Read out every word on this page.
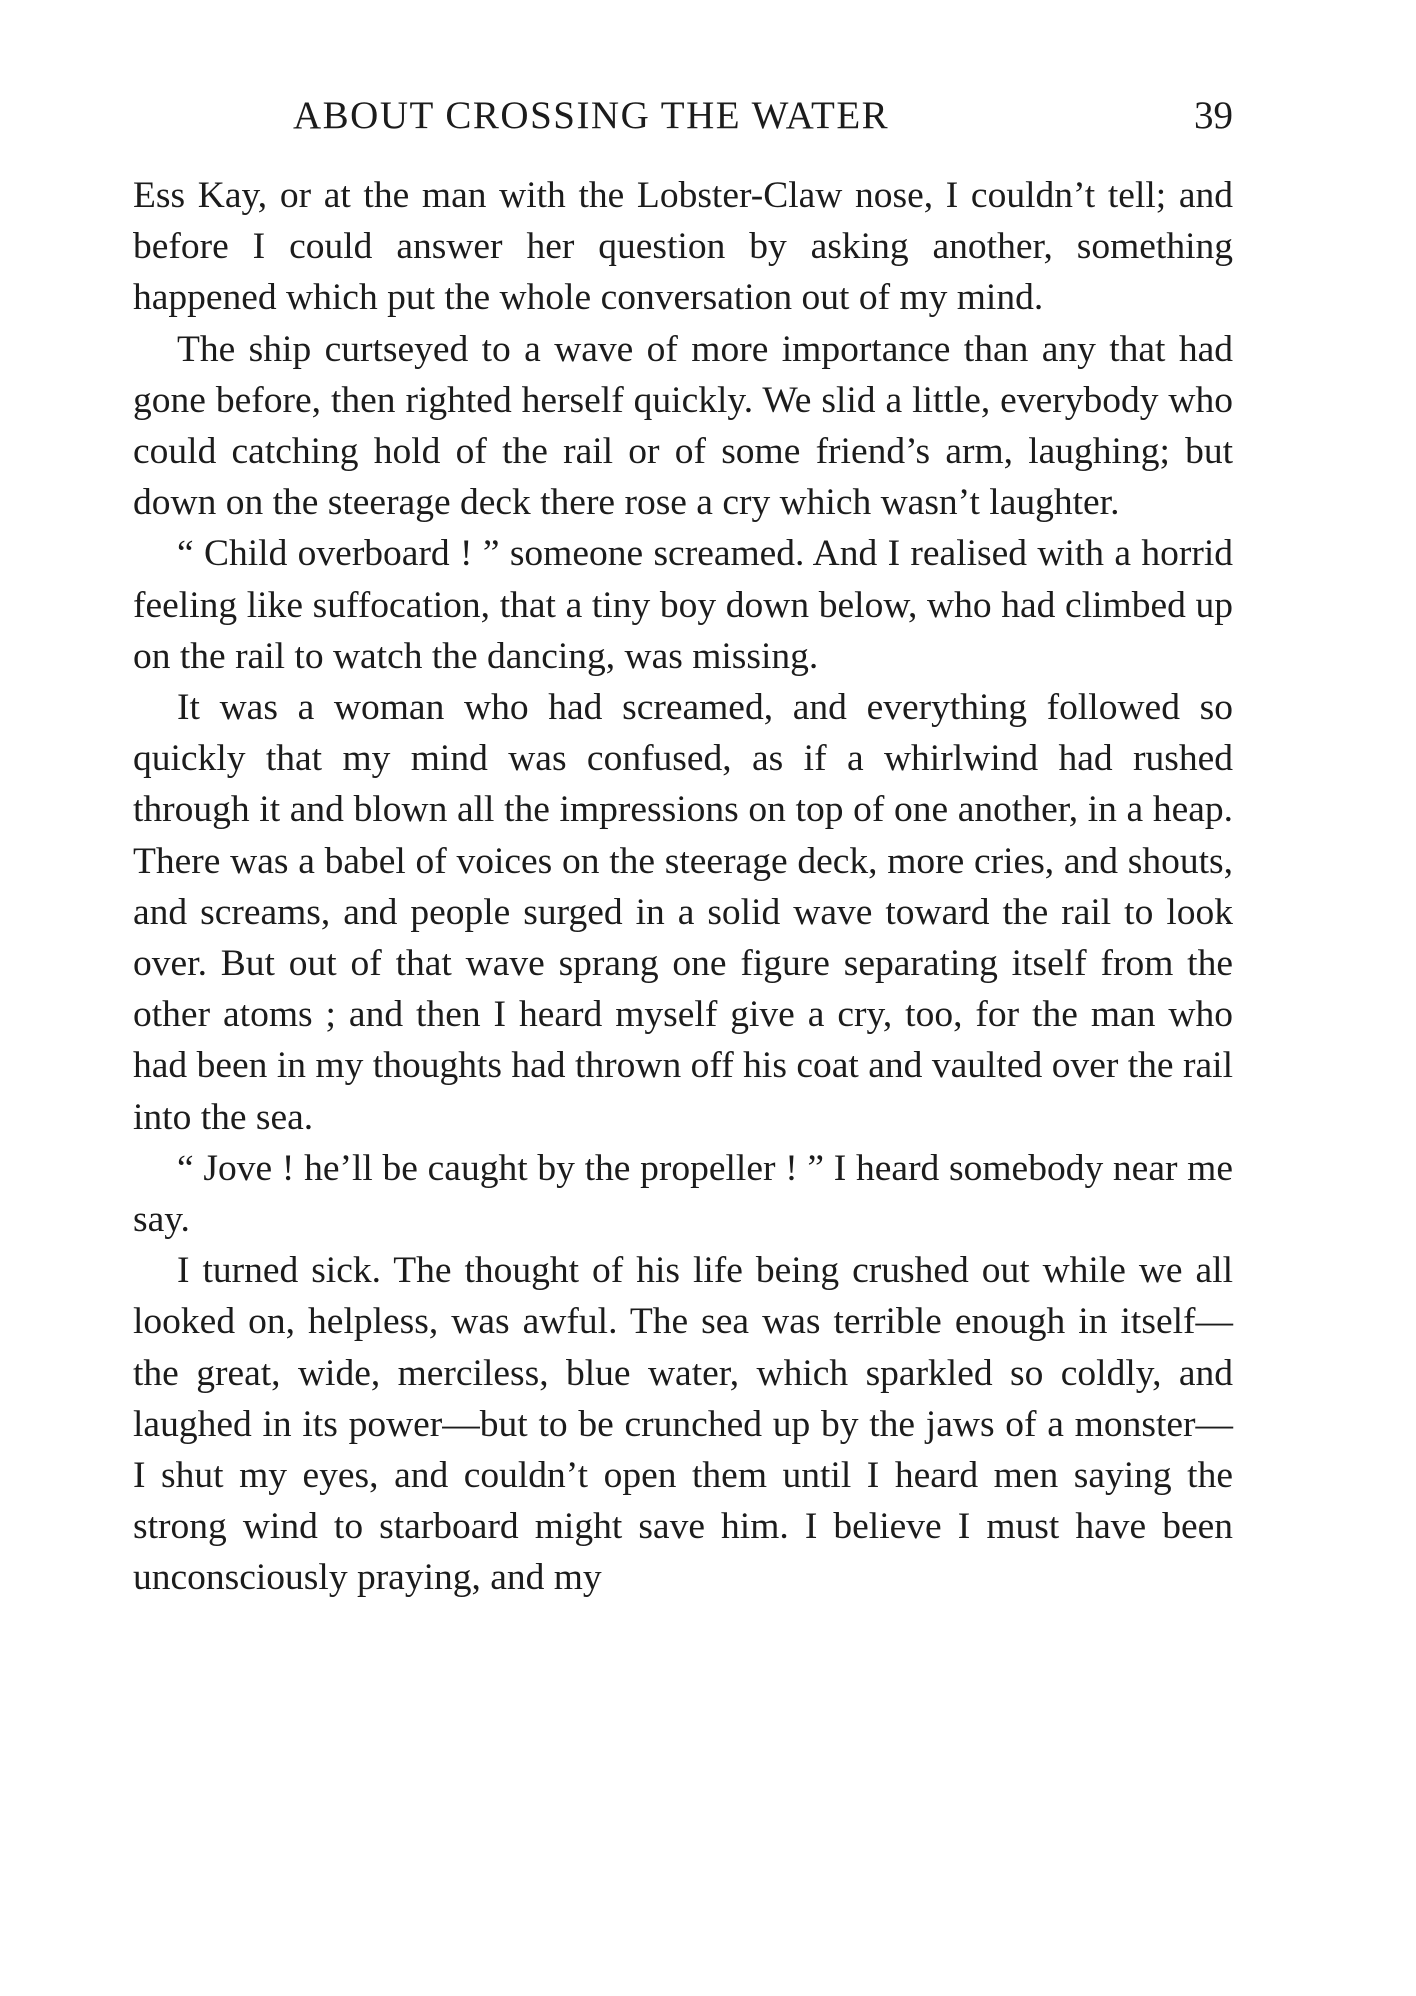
ABOUT CROSSING THE WATER	39

Ess Kay, or at the man with the Lobster-Claw nose, I couldn’t tell; and before I could answer her question by asking another, something happened which put the whole conversation out of my mind.

The ship curtseyed to a wave of more importance than any that had gone before, then righted herself quickly. We slid a little, everybody who could catching hold of the rail or of some friend’s arm, laughing; but down on the steerage deck there rose a cry which wasn’t laughter.

“ Child overboard ! ” someone screamed. And I realised with a horrid feeling like suffocation, that a tiny boy down below, who had climbed up on the rail to watch the dancing, was missing.

It was a woman who had screamed, and everything followed so quickly that my mind was confused, as if a whirlwind had rushed through it and blown all the impressions on top of one another, in a heap. There was a babel of voices on the steerage deck, more cries, and shouts, and screams, and people surged in a solid wave toward the rail to look over. But out of that wave sprang one figure separating itself from the other atoms ; and then I heard myself give a cry, too, for the man who had been in my thoughts had thrown off his coat and vaulted over the rail into the sea.

“ Jove ! he’ll be caught by the propeller ! ” I heard somebody near me say.

I turned sick. The thought of his life being crushed out while we all looked on, helpless, was awful. The sea was terrible enough in itself—the great, wide, merciless, blue water, which sparkled so coldly, and laughed in its power—but to be crunched up by the jaws of a monster— I shut my eyes, and couldn’t open them until I heard men saying the strong wind to starboard might save him. I believe I must have been unconsciously praying, and my
